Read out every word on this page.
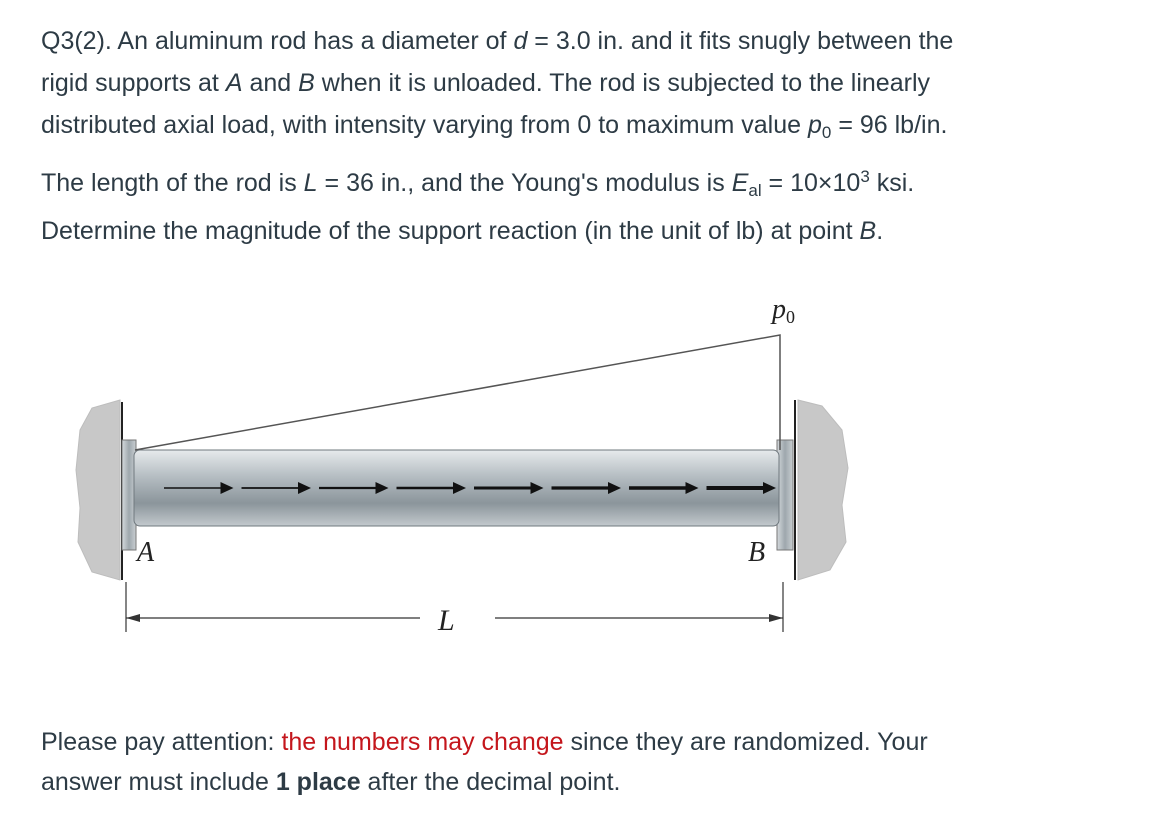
Q3(2). An aluminum rod has a diameter of d = 3.0 in. and it fits snugly between the
rigid supports at A and B when it is unloaded. The rod is subjected to the linearly
distributed axial load, with intensity varying from 0 to maximum value $p_0 = 96$ lb/in.

The length of the rod is L = 36 in., and the Young's modulus is $E_{al} = 10\times 10^3$ ksi.

Determine the magnitude of the support reaction (in the unit of lb) at point B.

p0
A	B
L

Please pay attention: the numbers may change since they are randomized. Your
answer must include 1 place after the decimal point.
